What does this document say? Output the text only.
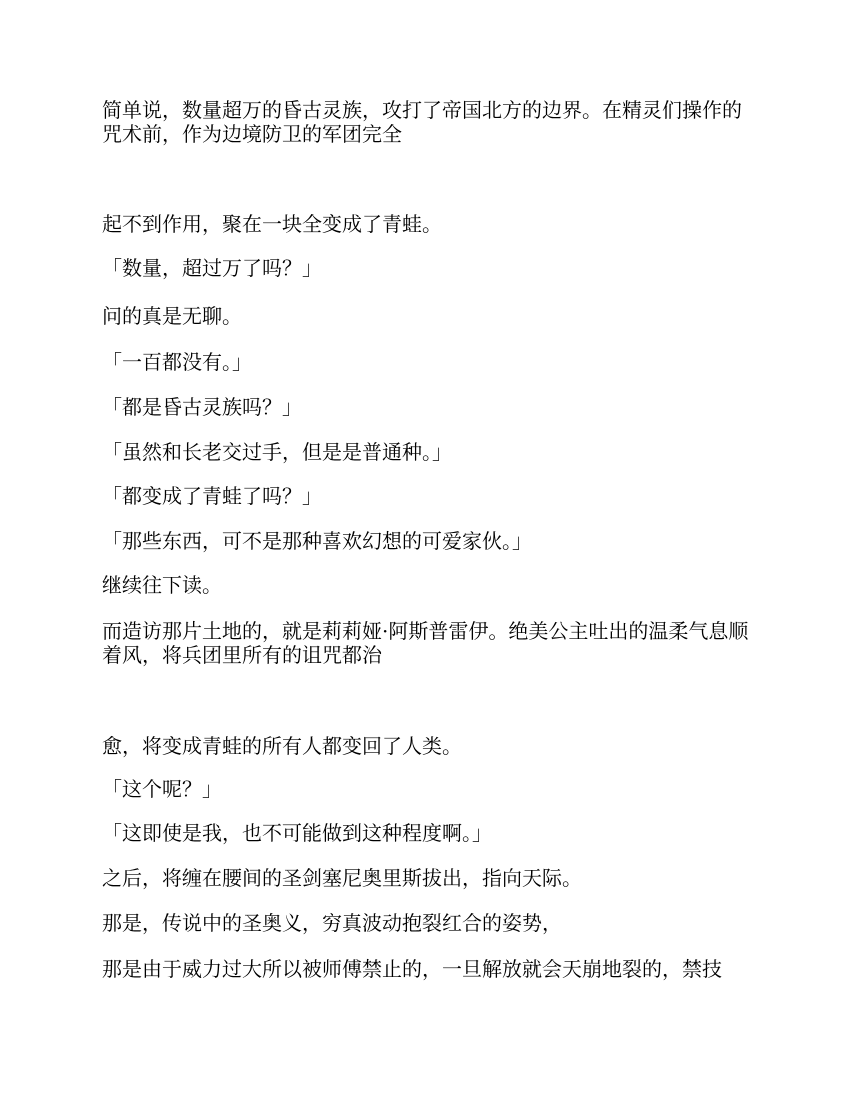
简单说，数量超万的昏古灵族，攻打了帝国北方的边界。在精灵们操作的咒术前，作为边境防卫的军团完全

起不到作用，聚在一块全变成了青蛙。

「数量，超过万了吗？」

问的真是无聊。

「一百都没有。」

「都是昏古灵族吗？」

「虽然和长老交过手，但是是普通种。」

「都变成了青蛙了吗？」

「那些东西，可不是那种喜欢幻想的可爱家伙。」

继续往下读。

而造访那片土地的，就是莉莉娅·阿斯普雷伊。绝美公主吐出的温柔气息顺着风，将兵团里所有的诅咒都治

愈，将变成青蛙的所有人都变回了人类。

「这个呢？」

「这即使是我，也不可能做到这种程度啊。」

之后，将缠在腰间的圣剑塞尼奥里斯拔出，指向天际。

那是，传说中的圣奥义，穷真波动抱裂红合的姿势，

那是由于威力过大所以被师傅禁止的，一旦解放就会天崩地裂的，禁技
